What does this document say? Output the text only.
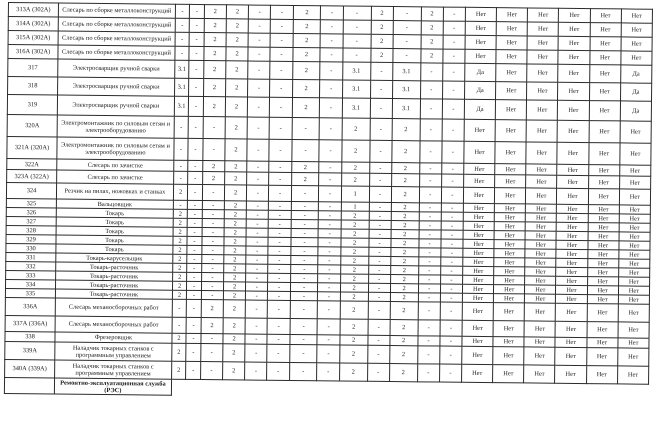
313А (302А)	Слесарь по сборке металлоконструкций	-	-	2	2	-	-	2	-	-	2	-	2	-	Нет	Нет	Нет	Нет	Нет	Нет
314А (302А)	Слесарь по сборке металлоконструкций	-	-	2	2	-	-	2	-	-	2	-	2	-	Нет	Нет	Нет	Нет	Нет	Нет
315А (302А)	Слесарь по сборке металлоконструкций	-	-	2	2	-	-	2	-	-	2	-	2	-	Нет	Нет	Нет	Нет	Нет	Нет
316А (302А)	Слесарь по сборке металлоконструкций	-	-	2	2	-	-	2	-	-	2	-	2	-	Нет	Нет	Нет	Нет	Нет	Нет
317	Электросварщик ручной сварки	3.1	-	2	2	-	-	2	-	3.1	-	3.1	-	-	Да	Нет	Нет	Нет	Нет	Да
318	Электросварщик ручной сварки	3.1	-	2	2	-	-	2	-	3.1	-	3.1	-	-	Да	Нет	Нет	Нет	Нет	Да
319	Электросварщик ручной сварки	3.1	-	2	2	-	-	2	-	3.1	-	3.1	-	-	Да	Нет	Нет	Нет	Нет	Да
320А	Электромонтажник по силовым сетям и электрооборудованию	-	-	-	2	-	-	-	-	2	-	2	-	-	Нет	Нет	Нет	Нет	Нет	Нет
321А (320А)	Электромонтажник по силовым сетям и электрооборудованию	-	-	-	2	-	-	-	-	2	-	2	-	-	Нет	Нет	Нет	Нет	Нет	Нет
322А	Слесарь по зачистке	-	-	2	2	-	-	2	-	2	-	2	-	-	Нет	Нет	Нет	Нет	Нет	Нет
323А (322А)	Слесарь по зачистке	-	-	2	2	-	-	2	-	2	-	2	-	-	Нет	Нет	Нет	Нет	Нет	Нет
324	Резчик на пилах, ножовках и станках	2	-	-	2	-	-	-	-	1	-	2	-	-	Нет	Нет	Нет	Нет	Нет	Нет
325	Вальцовщик	-	-	-	2	-	-	-	-	1	-	2	-	-	Нет	Нет	Нет	Нет	Нет	Нет
326	Токарь	2	-	-	2	-	-	-	-	2	-	2	-	-	Нет	Нет	Нет	Нет	Нет	Нет
327	Токарь	2	-	-	2	-	-	-	-	2	-	2	-	-	Нет	Нет	Нет	Нет	Нет	Нет
328	Токарь	2	-	-	2	-	-	-	-	2	-	2	-	-	Нет	Нет	Нет	Нет	Нет	Нет
329	Токарь	2	-	-	2	-	-	-	-	2	-	2	-	-	Нет	Нет	Нет	Нет	Нет	Нет
330	Токарь	2	-	-	2	-	-	-	-	2	-	2	-	-	Нет	Нет	Нет	Нет	Нет	Нет
331	Токарь-карусельщик	2	-	-	2	-	-	-	-	2	-	2	-	-	Нет	Нет	Нет	Нет	Нет	Нет
332	Токарь-расточник	2	-	-	2	-	-	-	-	2	-	2	-	-	Нет	Нет	Нет	Нет	Нет	Нет
333	Токарь-расточник	2	-	-	2	-	-	-	-	2	-	2	-	-	Нет	Нет	Нет	Нет	Нет	Нет
334	Токарь-расточник	2	-	-	2	-	-	-	-	2	-	2	-	-	Нет	Нет	Нет	Нет	Нет	Нет
335	Токарь-расточник	2	-	-	2	-	-	-	-	2	-	2	-	-	Нет	Нет	Нет	Нет	Нет	Нет
336А	Слесарь механосборочных работ	-	-	2	2	-	-	-	-	2	-	2	-	-	Нет	Нет	Нет	Нет	Нет	Нет
337А (336А)	Слесарь механосборочных работ	-	-	2	2	-	-	-	-	2	-	2	-	-	Нет	Нет	Нет	Нет	Нет	Нет
338	Фрезеровщик	2	-	-	2	-	-	-	-	2	-	2	-	-	Нет	Нет	Нет	Нет	Нет	Нет
339А	Наладчик токарных станков с программным управлением	2	-	-	2	-	-	-	-	2	-	2	-	-	Нет	Нет	Нет	Нет	Нет	Нет
340А (339А)	Наладчик токарных станков с программным управлением	2	-	-	2	-	-	-	-	2	-	2	-	-	Нет	Нет	Нет	Нет	Нет	Нет
	Ремонтно-эксплуатационная служба (РЭС)																			
